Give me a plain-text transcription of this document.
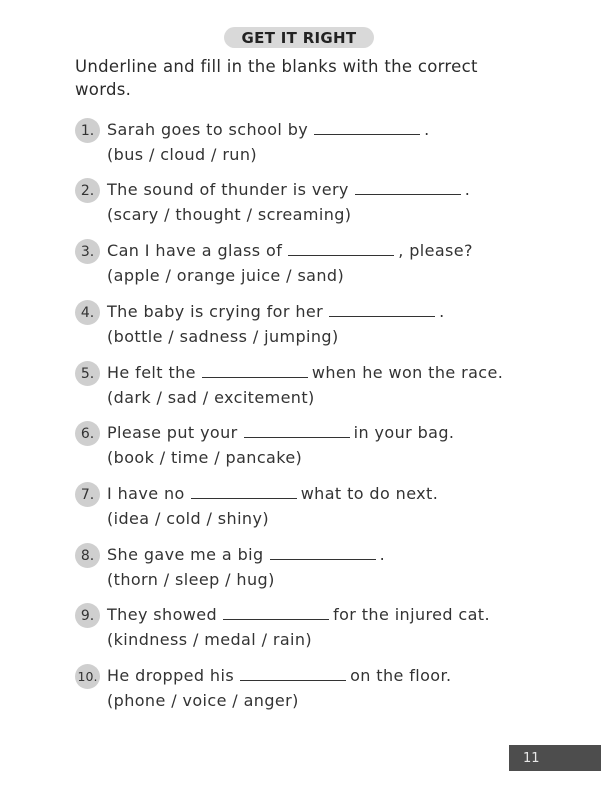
GET IT RIGHT
Underline and fill in the blanks with the correct words.
1. Sarah goes to school by	.
(bus / cloud / run)
2. The sound of thunder is very	.
(scary / thought / screaming)
3. Can I have a glass of	, please?
(apple / orange juice / sand)
4. The baby is crying for her	.
(bottle / sadness / jumping)
5. He felt the	when he won the race.
(dark / sad / excitement)
6. Please put your	in your bag.
(book / time / pancake)
7. I have no	what to do next.
(idea / cold / shiny)
8. She gave me a big	.
(thorn / sleep / hug)
9. They showed	for the injured cat.
(kindness / medal / rain)
10. He dropped his	on the floor.
(phone / voice / anger)
11
